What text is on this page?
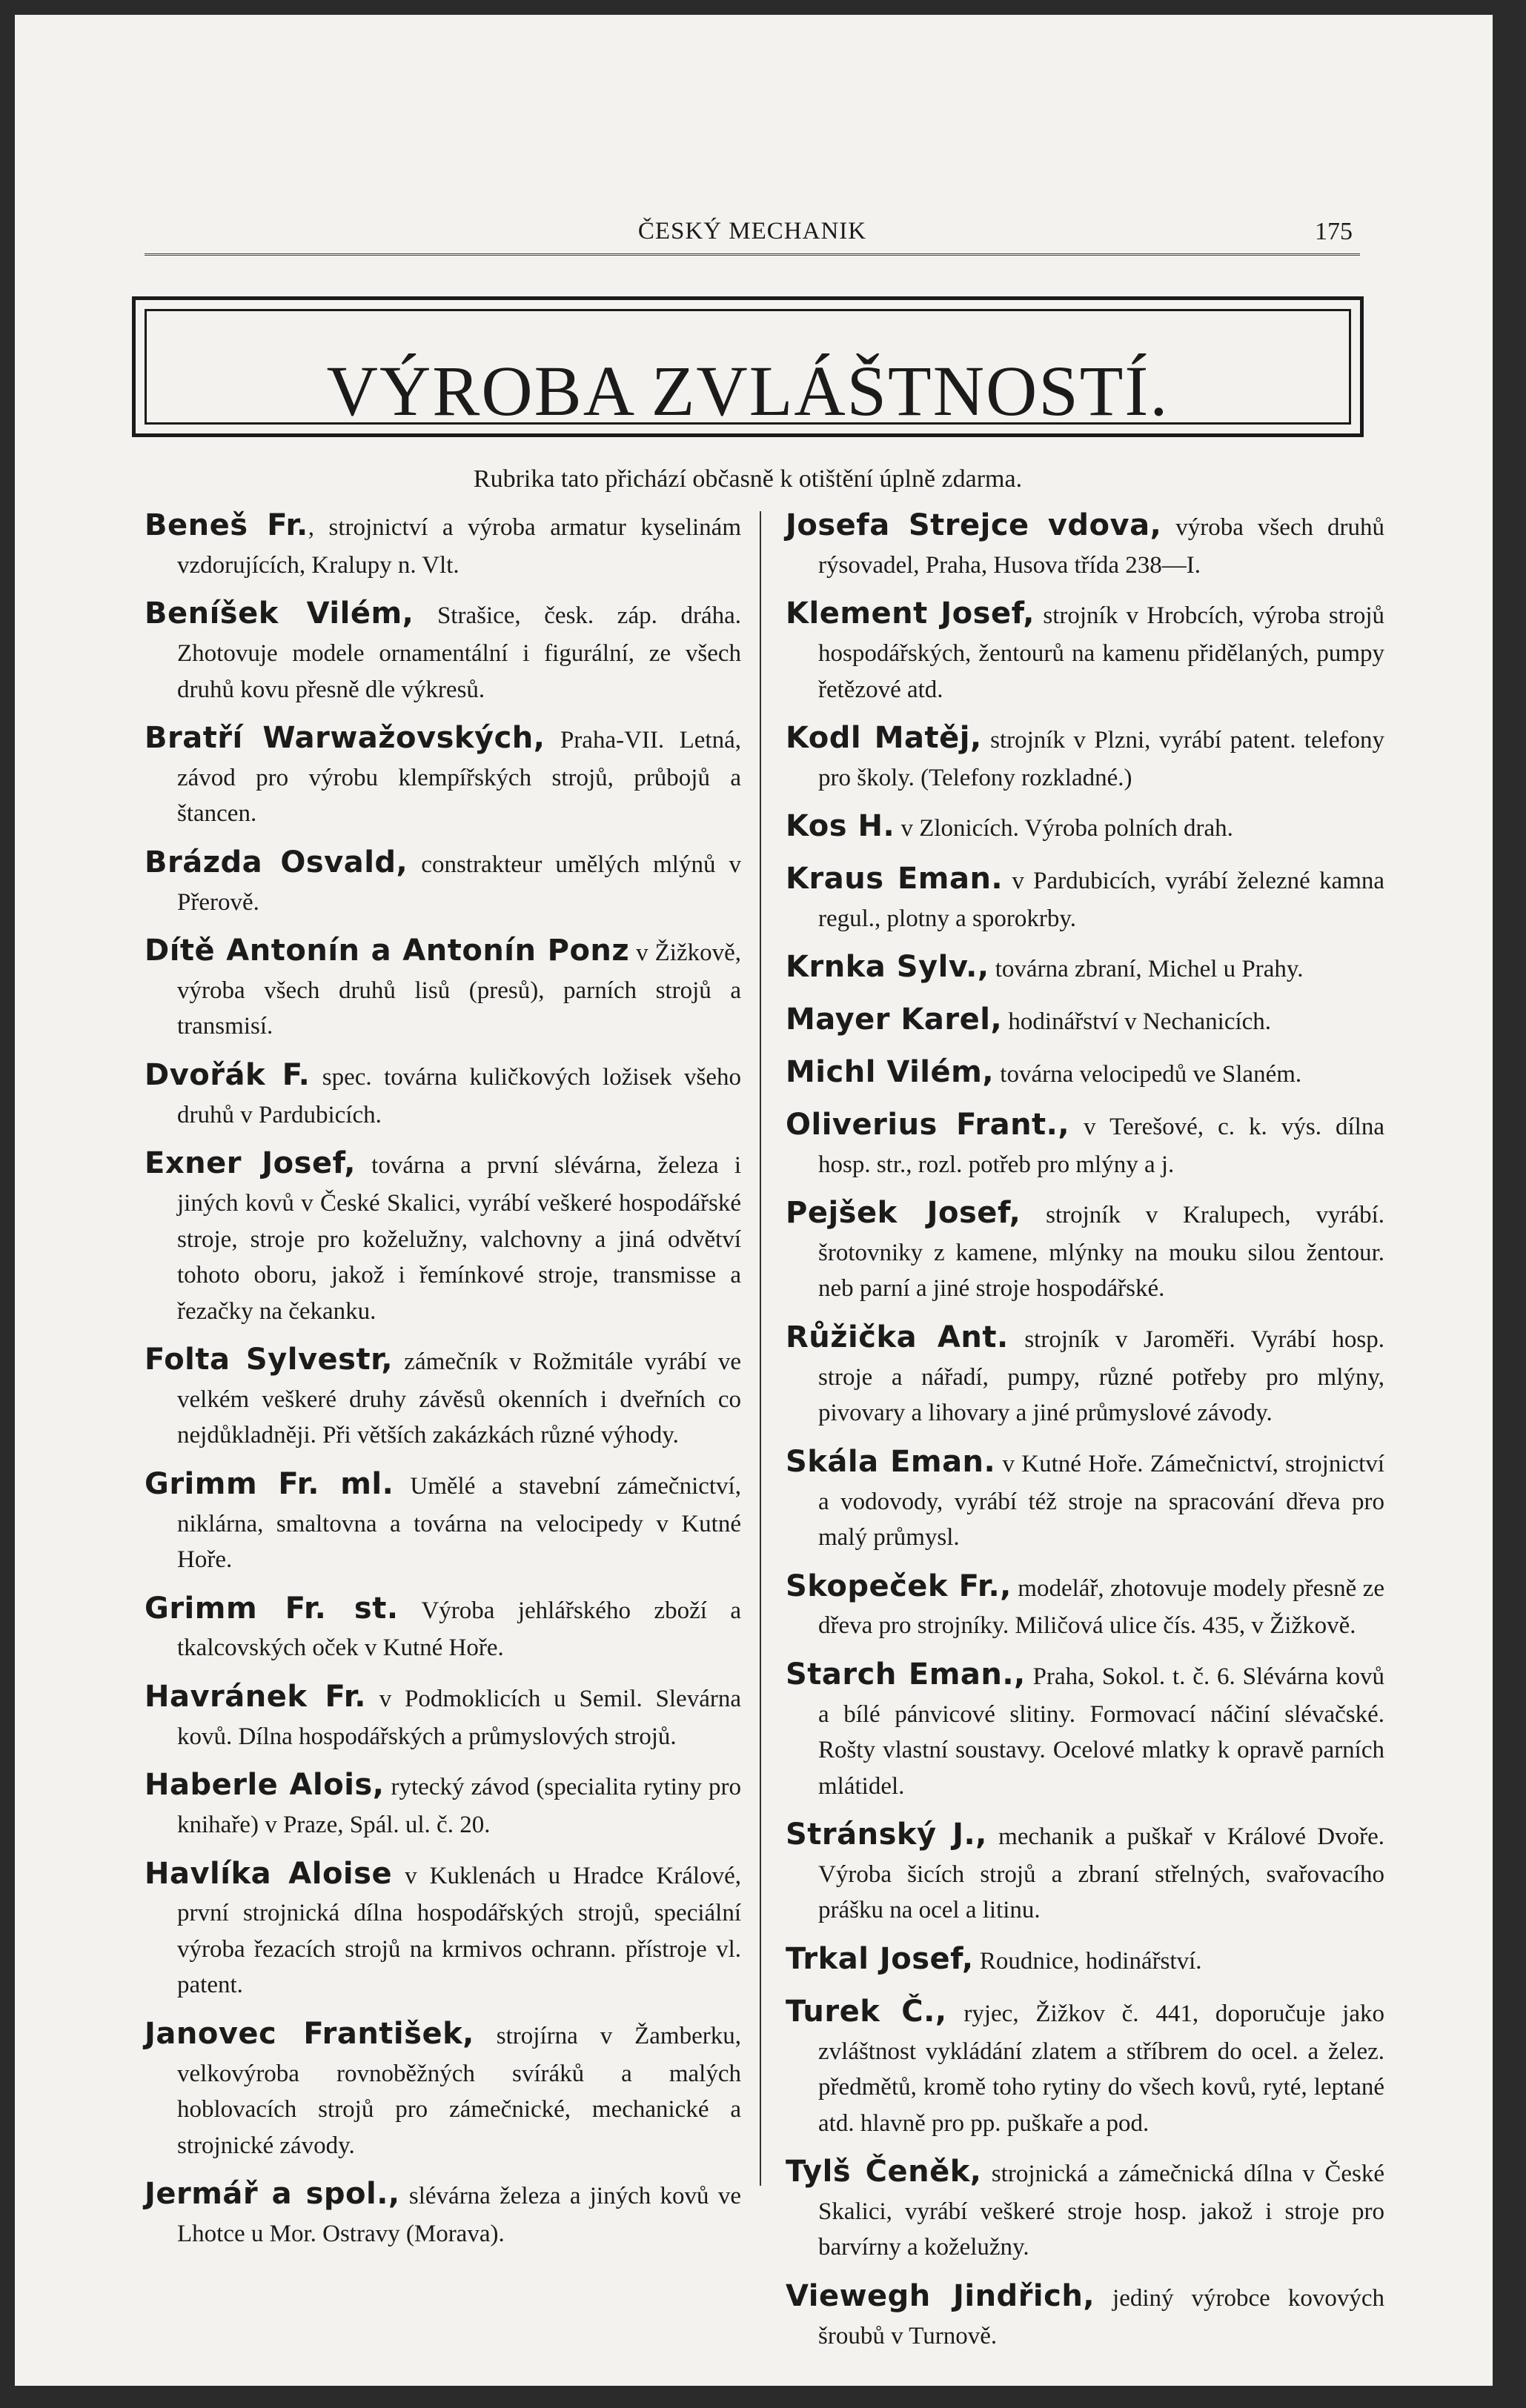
ČESKÝ MECHANIK	175
VÝROBA ZVLÁŠTNOSTÍ.
Rubrika tato přichází občasně k otištění úplně zdarma.

Beneš Fr., strojnictví a výroba armatur kyselinám vzdorujících, Kralupy n. Vlt.

Beníšek Vilém, Strašice, česk. záp. dráha. Zhotovuje modele ornamentální i figurální, ze všech druhů kovu přesně dle výkresů.

Bratří Warwažovských, Praha-VII. Letná, závod pro výrobu klempířských strojů, průbojů a štancen.

Brázda Osvald, constrakteur umělých mlýnů v Přerově.

Dítě Antonín a Antonín Ponz v Žižkově, výroba všech druhů lisů (presů), parních strojů a transmisí.

Dvořák F. spec. továrna kuličkových ložisek všeho druhů v Pardubicích.

Exner Josef, továrna a první slévárna, železa i jiných kovů v České Skalici, vyrábí veškeré hospodářské stroje, stroje pro koželužny, valchovny a jiná odvětví tohoto oboru, jakož i řemínkové stroje, transmisse a řezačky na čekanku.

Folta Sylvestr, zámečník v Rožmitále vyrábí ve velkém veškeré druhy závěsů okenních i dveřních co nejdůkladněji. Při větších zakázkách různé výhody.

Grimm Fr. ml. Umělé a stavební zámečnictví, niklárna, smaltovna a továrna na velocipedy v Kutné Hoře.

Grimm Fr. st. Výroba jehlářského zboží a tkalcovských oček v Kutné Hoře.

Havránek Fr. v Podmoklicích u Semil. Slevárna kovů. Dílna hospodářských a průmyslových strojů.

Haberle Alois, rytecký závod (specialita rytiny pro knihaře) v Praze, Spál. ul. č. 20.

Havlíka Aloise v Kuklenách u Hradce Králové, první strojnická dílna hospodářských strojů, speciální výroba řezacích strojů na krmivos ochrann. přístroje vl. patent.

Janovec František, strojírna v Žamberku, velkovýroba rovnoběžných svíráků a malých hoblovacích strojů pro zámečnické, mechanické a strojnické závody.

Jermář a spol., slévárna železa a jiných kovů ve Lhotce u Mor. Ostravy (Morava).

Josefa Strejce vdova, výroba všech druhů rýsovadel, Praha, Husova třída 238—I.

Klement Josef, strojník v Hrobcích, výroba strojů hospodářských, žentourů na kamenu přidělaných, pumpy řetězové atd.

Kodl Matěj, strojník v Plzni, vyrábí patent. telefony pro školy. (Telefony rozkladné.)

Kos H. v Zlonicích. Výroba polních drah.

Kraus Eman. v Pardubicích, vyrábí železné kamna regul., plotny a sporokrby.

Krnka Sylv., továrna zbraní, Michel u Prahy.

Mayer Karel, hodinářství v Nechanicích.

Michl Vilém, továrna velocipedů ve Slaném.

Oliverius Frant., v Terešové, c. k. výs. dílna hosp. str., rozl. potřeb pro mlýny a j.

Pejšek Josef, strojník v Kralupech, vyrábí. šrotovniky z kamene, mlýnky na mouku silou žentour. neb parní a jiné stroje hospodářské.

Růžička Ant. strojník v Jaroměři. Vyrábí hosp. stroje a nářadí, pumpy, různé potřeby pro mlýny, pivovary a lihovary a jiné průmyslové závody.

Skála Eman. v Kutné Hoře. Zámečnictví, strojnictví a vodovody, vyrábí též stroje na spracování dřeva pro malý průmysl.

Skopeček Fr., modelář, zhotovuje modely přesně ze dřeva pro strojníky. Miličová ulice čís. 435, v Žižkově.

Starch Eman., Praha, Sokol. t. č. 6. Slévárna kovů a bílé pánvicové slitiny. Formovací náčiní slévačské. Rošty vlastní soustavy. Ocelové mlatky k opravě parních mlátidel.

Stránský J., mechanik a puškař v Králové Dvoře. Výroba šicích strojů a zbraní střelných, svařovacího prášku na ocel a litinu.

Trkal Josef, Roudnice, hodinářství.

Turek Č., ryjec, Žižkov č. 441, doporučuje jako zvláštnost vykládání zlatem a stříbrem do ocel. a želez. předmětů, kromě toho rytiny do všech kovů, ryté, leptané atd. hlavně pro pp. puškaře a pod.

Tylš Čeněk, strojnická a zámečnická dílna v České Skalici, vyrábí veškeré stroje hosp. jakož i stroje pro barvírny a koželužny.

Viewegh Jindřich, jediný výrobce kovových šroubů v Turnově.
